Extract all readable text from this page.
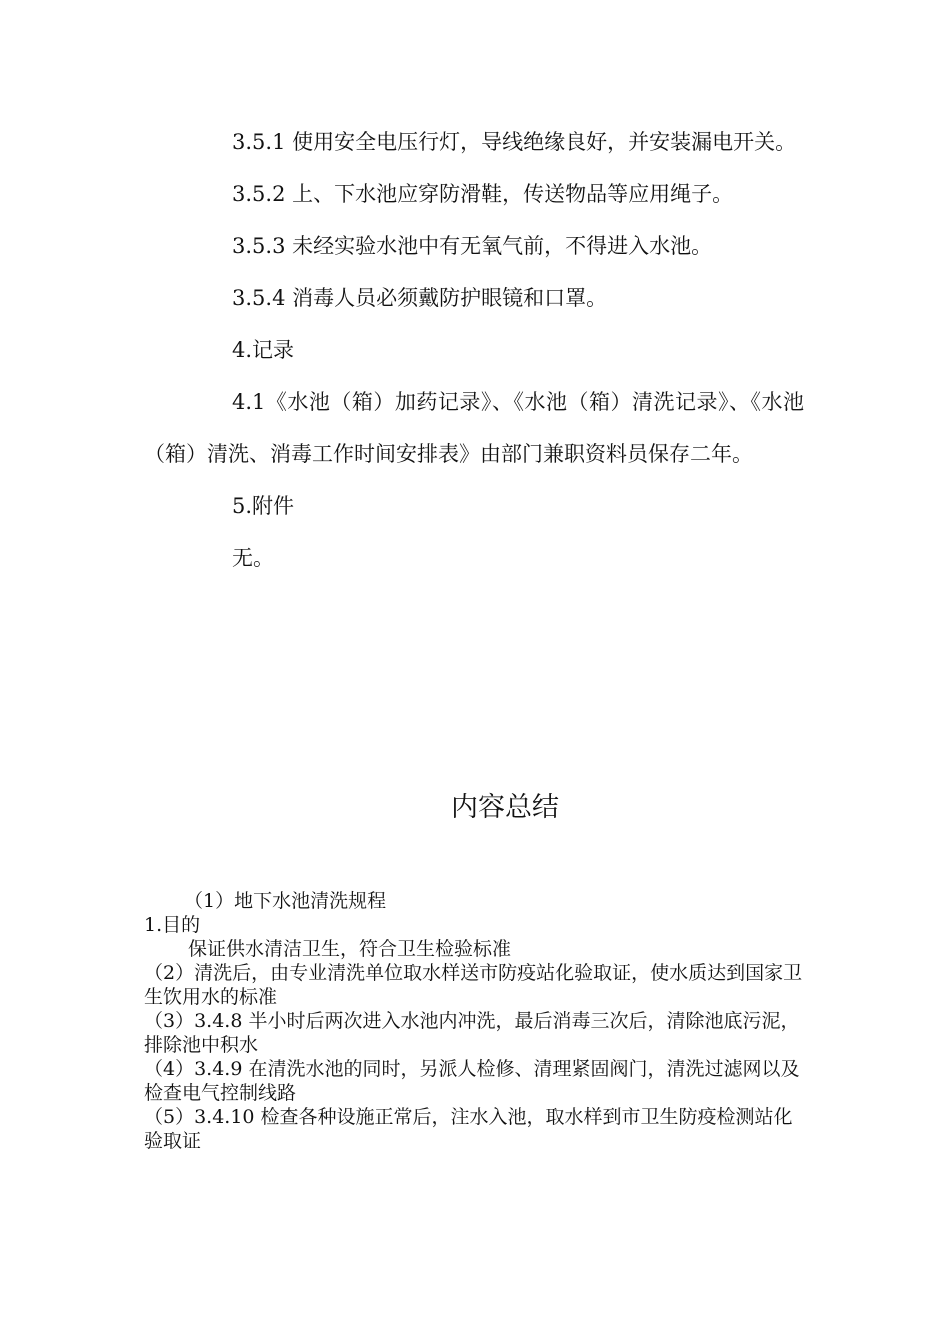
3.5.1 使用安全电压行灯，导线绝缘良好，并安装漏电开关。

3.5.2 上、下水池应穿防滑鞋，传送物品等应用绳子。

3.5.3 未经实验水池中有无氧气前，不得进入水池。

3.5.4 消毒人员必须戴防护眼镜和口罩。

4.记录

4.1《水池（箱）加药记录》、《水池（箱）清洗记录》、《水池（箱）清洗、消毒工作时间安排表》由部门兼职资料员保存二年。

5.附件

无。

内容总结

（1）地下水池清洗规程

1.目的

保证供水清洁卫生，符合卫生检验标准

（2）清洗后，由专业清洗单位取水样送市防疫站化验取证，使水质达到国家卫生饮用水的标准

（3）3.4.8 半小时后两次进入水池内冲洗，最后消毒三次后，清除池底污泥，排除池中积水

（4）3.4.9 在清洗水池的同时，另派人检修、清理紧固阀门，清洗过滤网以及检查电气控制线路

（5）3.4.10 检查各种设施正常后，注水入池，取水样到市卫生防疫检测站化验取证
